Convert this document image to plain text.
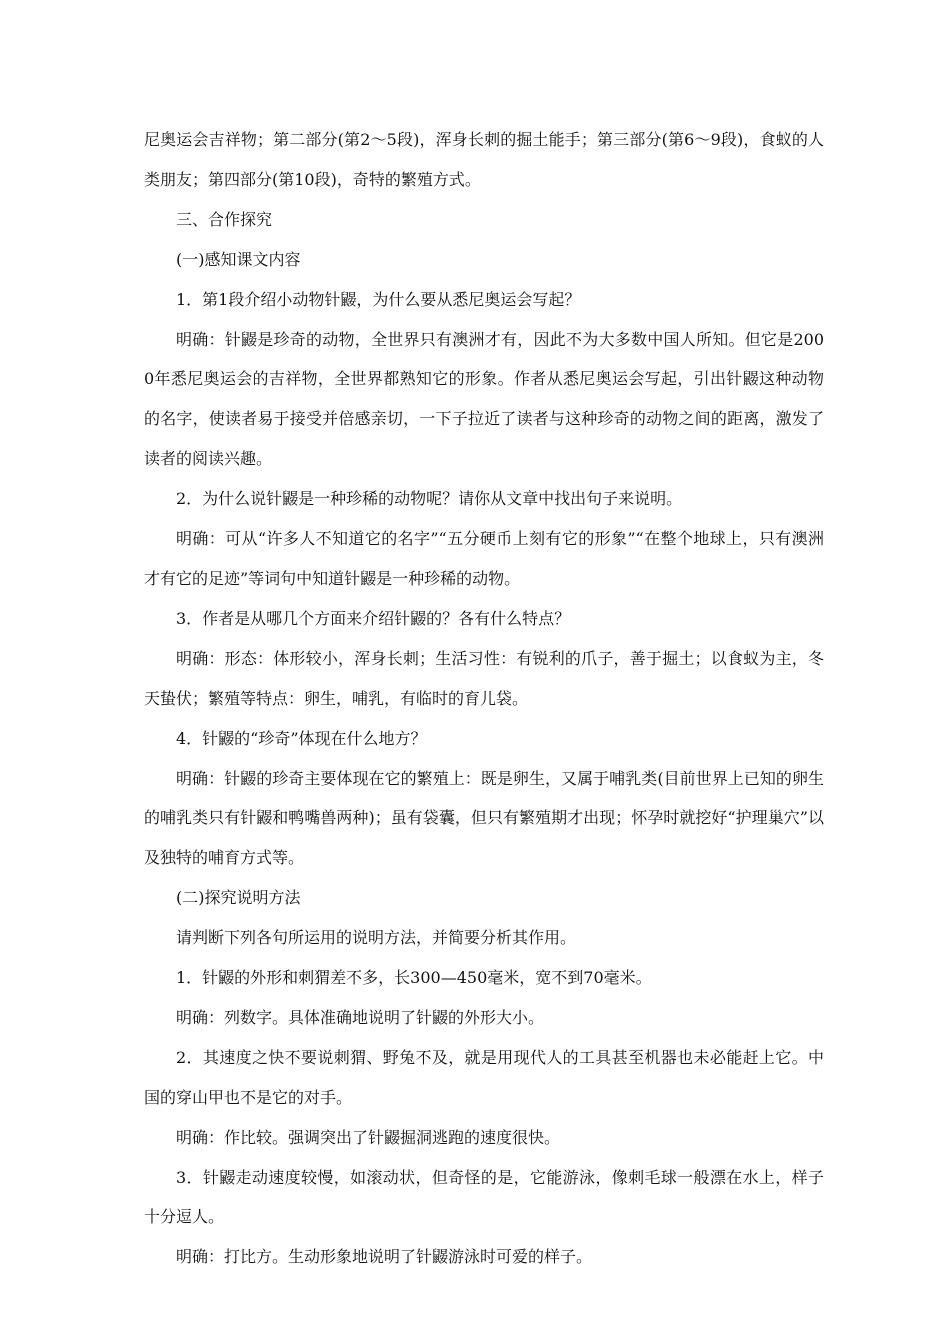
尼奥运会吉祥物；第二部分(第2～5段)，浑身长刺的掘土能手；第三部分(第6～9段)，食蚁的人类朋友；第四部分(第10段)，奇特的繁殖方式。

三、合作探究

(一)感知课文内容

1．第1段介绍小动物针鼹，为什么要从悉尼奥运会写起？

明确：针鼹是珍奇的动物，全世界只有澳洲才有，因此不为大多数中国人所知。但它是2000年悉尼奥运会的吉祥物，全世界都熟知它的形象。作者从悉尼奥运会写起，引出针鼹这种动物的名字，使读者易于接受并倍感亲切，一下子拉近了读者与这种珍奇的动物之间的距离，激发了读者的阅读兴趣。

2．为什么说针鼹是一种珍稀的动物呢？请你从文章中找出句子来说明。

明确：可从“许多人不知道它的名字”“五分硬币上刻有它的形象”“在整个地球上，只有澳洲才有它的足迹”等词句中知道针鼹是一种珍稀的动物。

3．作者是从哪几个方面来介绍针鼹的？各有什么特点？

明确：形态：体形较小，浑身长刺；生活习性：有锐利的爪子，善于掘土；以食蚁为主，冬天蛰伏；繁殖等特点：卵生，哺乳，有临时的育儿袋。

4．针鼹的“珍奇”体现在什么地方？

明确：针鼹的珍奇主要体现在它的繁殖上：既是卵生，又属于哺乳类(目前世界上已知的卵生的哺乳类只有针鼹和鸭嘴兽两种)；虽有袋囊，但只有繁殖期才出现；怀孕时就挖好“护理巢穴”以及独特的哺育方式等。

(二)探究说明方法

请判断下列各句所运用的说明方法，并简要分析其作用。

1．针鼹的外形和刺猬差不多，长300—450毫米，宽不到70毫米。

明确：列数字。具体准确地说明了针鼹的外形大小。

2．其速度之快不要说刺猬、野兔不及，就是用现代人的工具甚至机器也未必能赶上它。中国的穿山甲也不是它的对手。

明确：作比较。强调突出了针鼹掘洞逃跑的速度很快。

3．针鼹走动速度较慢，如滚动状，但奇怪的是，它能游泳，像刺毛球一般漂在水上，样子十分逗人。

明确：打比方。生动形象地说明了针鼹游泳时可爱的样子。
